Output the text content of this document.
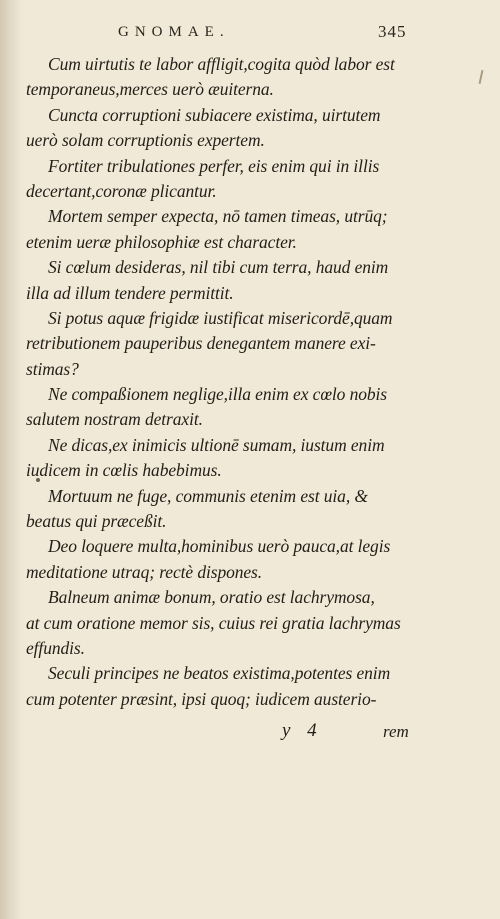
GNOMAE.	345
Cum uirtutis te labor affligit,cogita quòd labor est
temporaneus,merces uerò æuiterna.
Cuncta corruptioni subiacere existima, uirtutem
uerò solam corruptionis expertem.
Fortiter tribulationes perfer, eis enim qui in illis
decertant,coronæ plicantur.
Mortem semper expecta, nō tamen timeas, utrūq;
etenim ueræ philosophiæ est character.
Si cœlum desideras, nil tibi cum terra, haud enim
illa ad illum tendere permittit.
Si potus aquæ frigidæ iustificat misericordē,quam
retributionem pauperibus denegantem manere exi-
stimas?
Ne compaßionem neglige,illa enim ex cœlo nobis
salutem nostram detraxit.
Ne dicas,ex inimicis ultionē sumam, iustum enim
iudicem in cœlis habebimus.
Mortuum ne fuge, communis etenim est uia, &
beatus qui præceßit.
Deo loquere multa,hominibus uerò pauca,at legis
meditatione utraq; rectè dispones.
Balneum animæ bonum, oratio est lachrymosa,
at cum oratione memor sis, cuius rei gratia lachrymas
effundis.
Seculi principes ne beatos existima,potentes enim
cum potenter præsint, ipsi quoq; iudicem austerio-
y 4	rem
